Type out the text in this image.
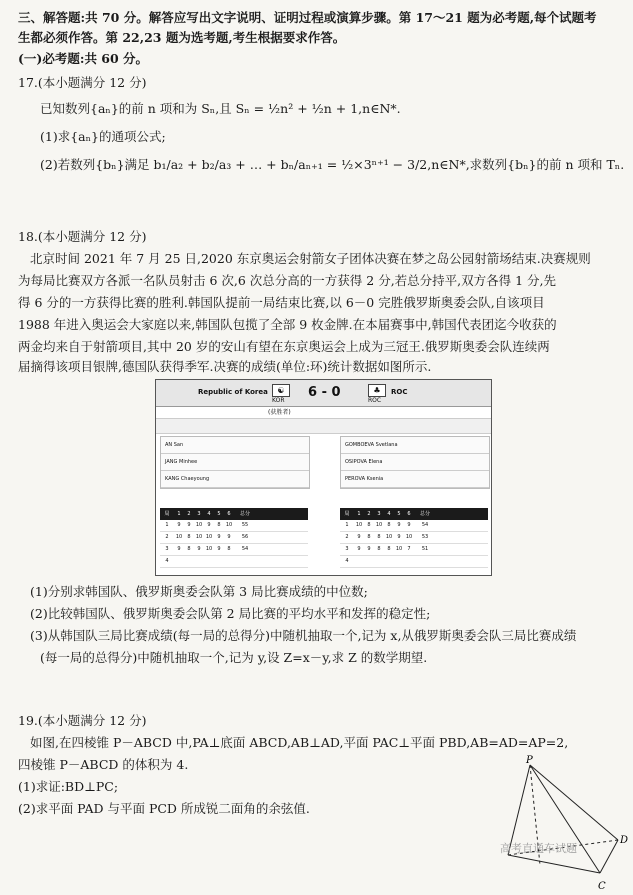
三、解答题:共 70 分。解答应写出文字说明、证明过程或演算步骤。第 17～21 题为必考题,每个试题考
生都必须作答。第 22,23 题为选考题,考生根据要求作答。
(一)必考题:共 60 分。
17.(本小题满分 12 分)
已知数列{aₙ}的前 n 项和为 Sₙ,且 Sₙ = ½n² + ½n + 1,n∈N*.
(1)求{aₙ}的通项公式;
(2)若数列{bₙ}满足 b₁/a₂ + b₂/a₃ + … + bₙ/aₙ₊₁ = ½×3ⁿ⁺¹ − 3/2,n∈N*,求数列{bₙ}的前 n 项和 Tₙ.
18.(本小题满分 12 分)
北京时间 2021 年 7 月 25 日,2020 东京奥运会射箭女子团体决赛在梦之岛公园射箭场结束.决赛规则
为每局比赛双方各派一名队员射击 6 次,6 次总分高的一方获得 2 分,若总分持平,双方各得 1 分,先
得 6 分的一方获得比赛的胜利.韩国队提前一局结束比赛,以 6－0 完胜俄罗斯奥委会队,自该项目
1988 年进入奥运会大家庭以来,韩国队包揽了全部 9 枚金牌.在本届赛事中,韩国代表团迄今收获的
两金均来自于射箭项目,其中 20 岁的安山有望在东京奥运会上成为三冠王.俄罗斯奥委会队连续两
届摘得该项目银牌,德国队获得季军.决赛的成绩(单位:环)统计数据如图所示.
Republic of Korea	☯
KOR
(获胜者)
6 - 0	♣
ROC
ROC
AN San
JANG Minhee
KANG Chaeyoung
GOMBOEVA Svetlana
OSIPOVA Elena
PEROVA Ksenia
局 1 2 3 4 5 6 总分
1 9 9 10 9 8 10 55
2 10 8 10 10 9 9 56
3 9 8 9 10 9 8 54
4
局 1 2 3 4 5 6 总分
1 10 8 10 8 9 9 54
2 9 8 8 10 9 10 53
3 9 9 8 8 10 7 51
4
(1)分别求韩国队、俄罗斯奥委会队第 3 局比赛成绩的中位数;
(2)比较韩国队、俄罗斯奥委会队第 2 局比赛的平均水平和发挥的稳定性;
(3)从韩国队三局比赛成绩(每一局的总得分)中随机抽取一个,记为 x,从俄罗斯奥委会队三局比赛成绩
(每一局的总得分)中随机抽取一个,记为 y,设 Z=x－y,求 Z 的数学期望.
19.(本小题满分 12 分)
如图,在四棱锥 P－ABCD 中,PA⊥底面 ABCD,AB⊥AD,平面 PAC⊥平面 PBD,AB=AD=AP=2,
四棱锥 P－ABCD 的体积为 4.
(1)求证:BD⊥PC;
(2)求平面 PAD 与平面 PCD 所成锐二面角的余弦值.
P
D
C
高考直通车试题
